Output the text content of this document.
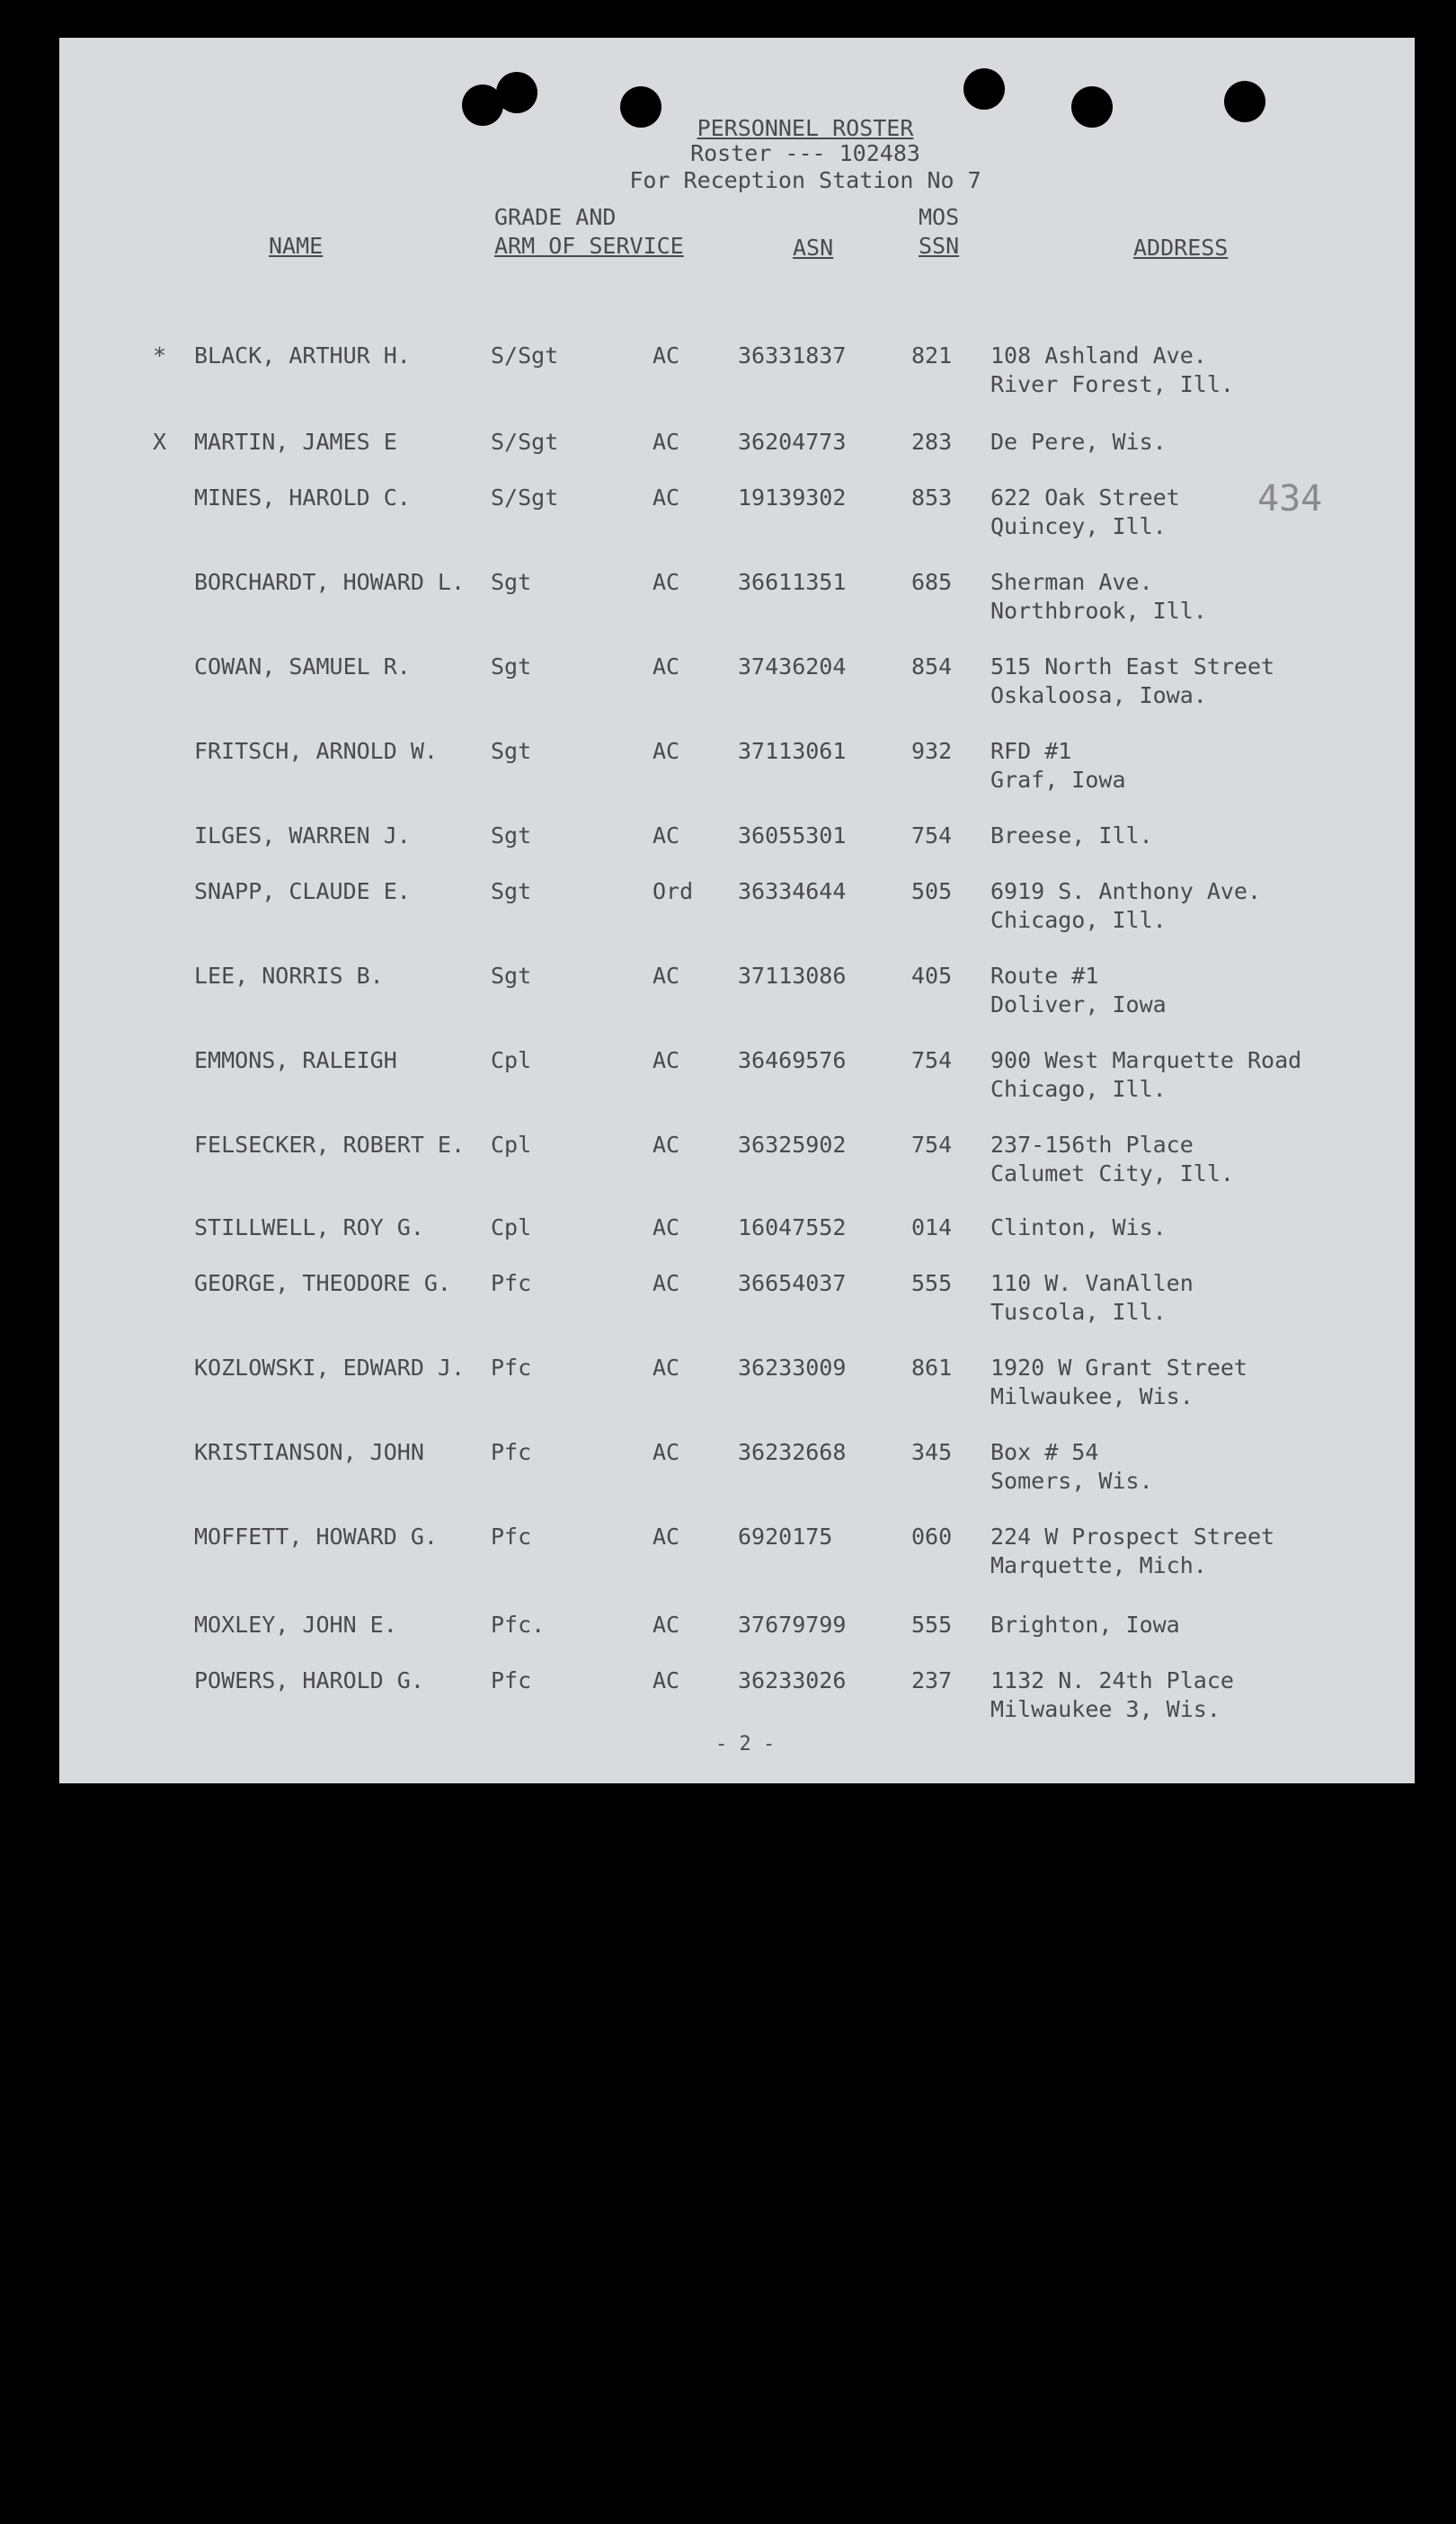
PERSONNEL ROSTER
Roster --- 102483
For Reception Station No 7
NAME
GRADE AND
ARM OF SERVICE	ASN
MOS
SSN	ADDRESS
434
* BLACK, ARTHUR H.	S/Sgt	AC	36331837	821 108 Ashland Ave.
River Forest, Ill.
X MARTIN, JAMES E	S/Sgt	AC	36204773	283 De Pere, Wis.
MINES, HAROLD C.	S/Sgt	AC	19139302	853 622 Oak Street
Quincey, Ill.
BORCHARDT, HOWARD L. Sgt	AC	36611351	685 Sherman Ave.
Northbrook, Ill.
COWAN, SAMUEL R.	Sgt	AC	37436204	854 515 North East Street
Oskaloosa, Iowa.
FRITSCH, ARNOLD W. Sgt	AC	37113061	932 RFD #1
Graf, Iowa
ILGES, WARREN J.	Sgt	AC	36055301	754 Breese, Ill.
SNAPP, CLAUDE E.	Sgt	Ord 36334644	505 6919 S. Anthony Ave.
Chicago, Ill.
LEE, NORRIS B.	Sgt	AC	37113086	405 Route #1
Doliver, Iowa
EMMONS, RALEIGH	Cpl	AC	36469576	754 900 West Marquette Road
Chicago, Ill.
FELSECKER, ROBERT E. Cpl	AC	36325902	754 237-156th Place
Calumet City, Ill.
STILLWELL, ROY G.	Cpl	AC	16047552	014 Clinton, Wis.
GEORGE, THEODORE G. Pfc	AC	36654037	555 110 W. VanAllen
Tuscola, Ill.
KOZLOWSKI, EDWARD J. Pfc	AC	36233009	861 1920 W Grant Street
Milwaukee, Wis.
KRISTIANSON, JOHN	Pfc	AC	36232668	345 Box # 54
Somers, Wis.
MOFFETT, HOWARD G. Pfc	AC	6920175	060 224 W Prospect Street
Marquette, Mich.
MOXLEY, JOHN E.	Pfc.	AC	37679799	555 Brighton, Iowa
POWERS, HAROLD G.	Pfc	AC	36233026	237 1132 N. 24th Place
Milwaukee 3, Wis.
- 2 -
